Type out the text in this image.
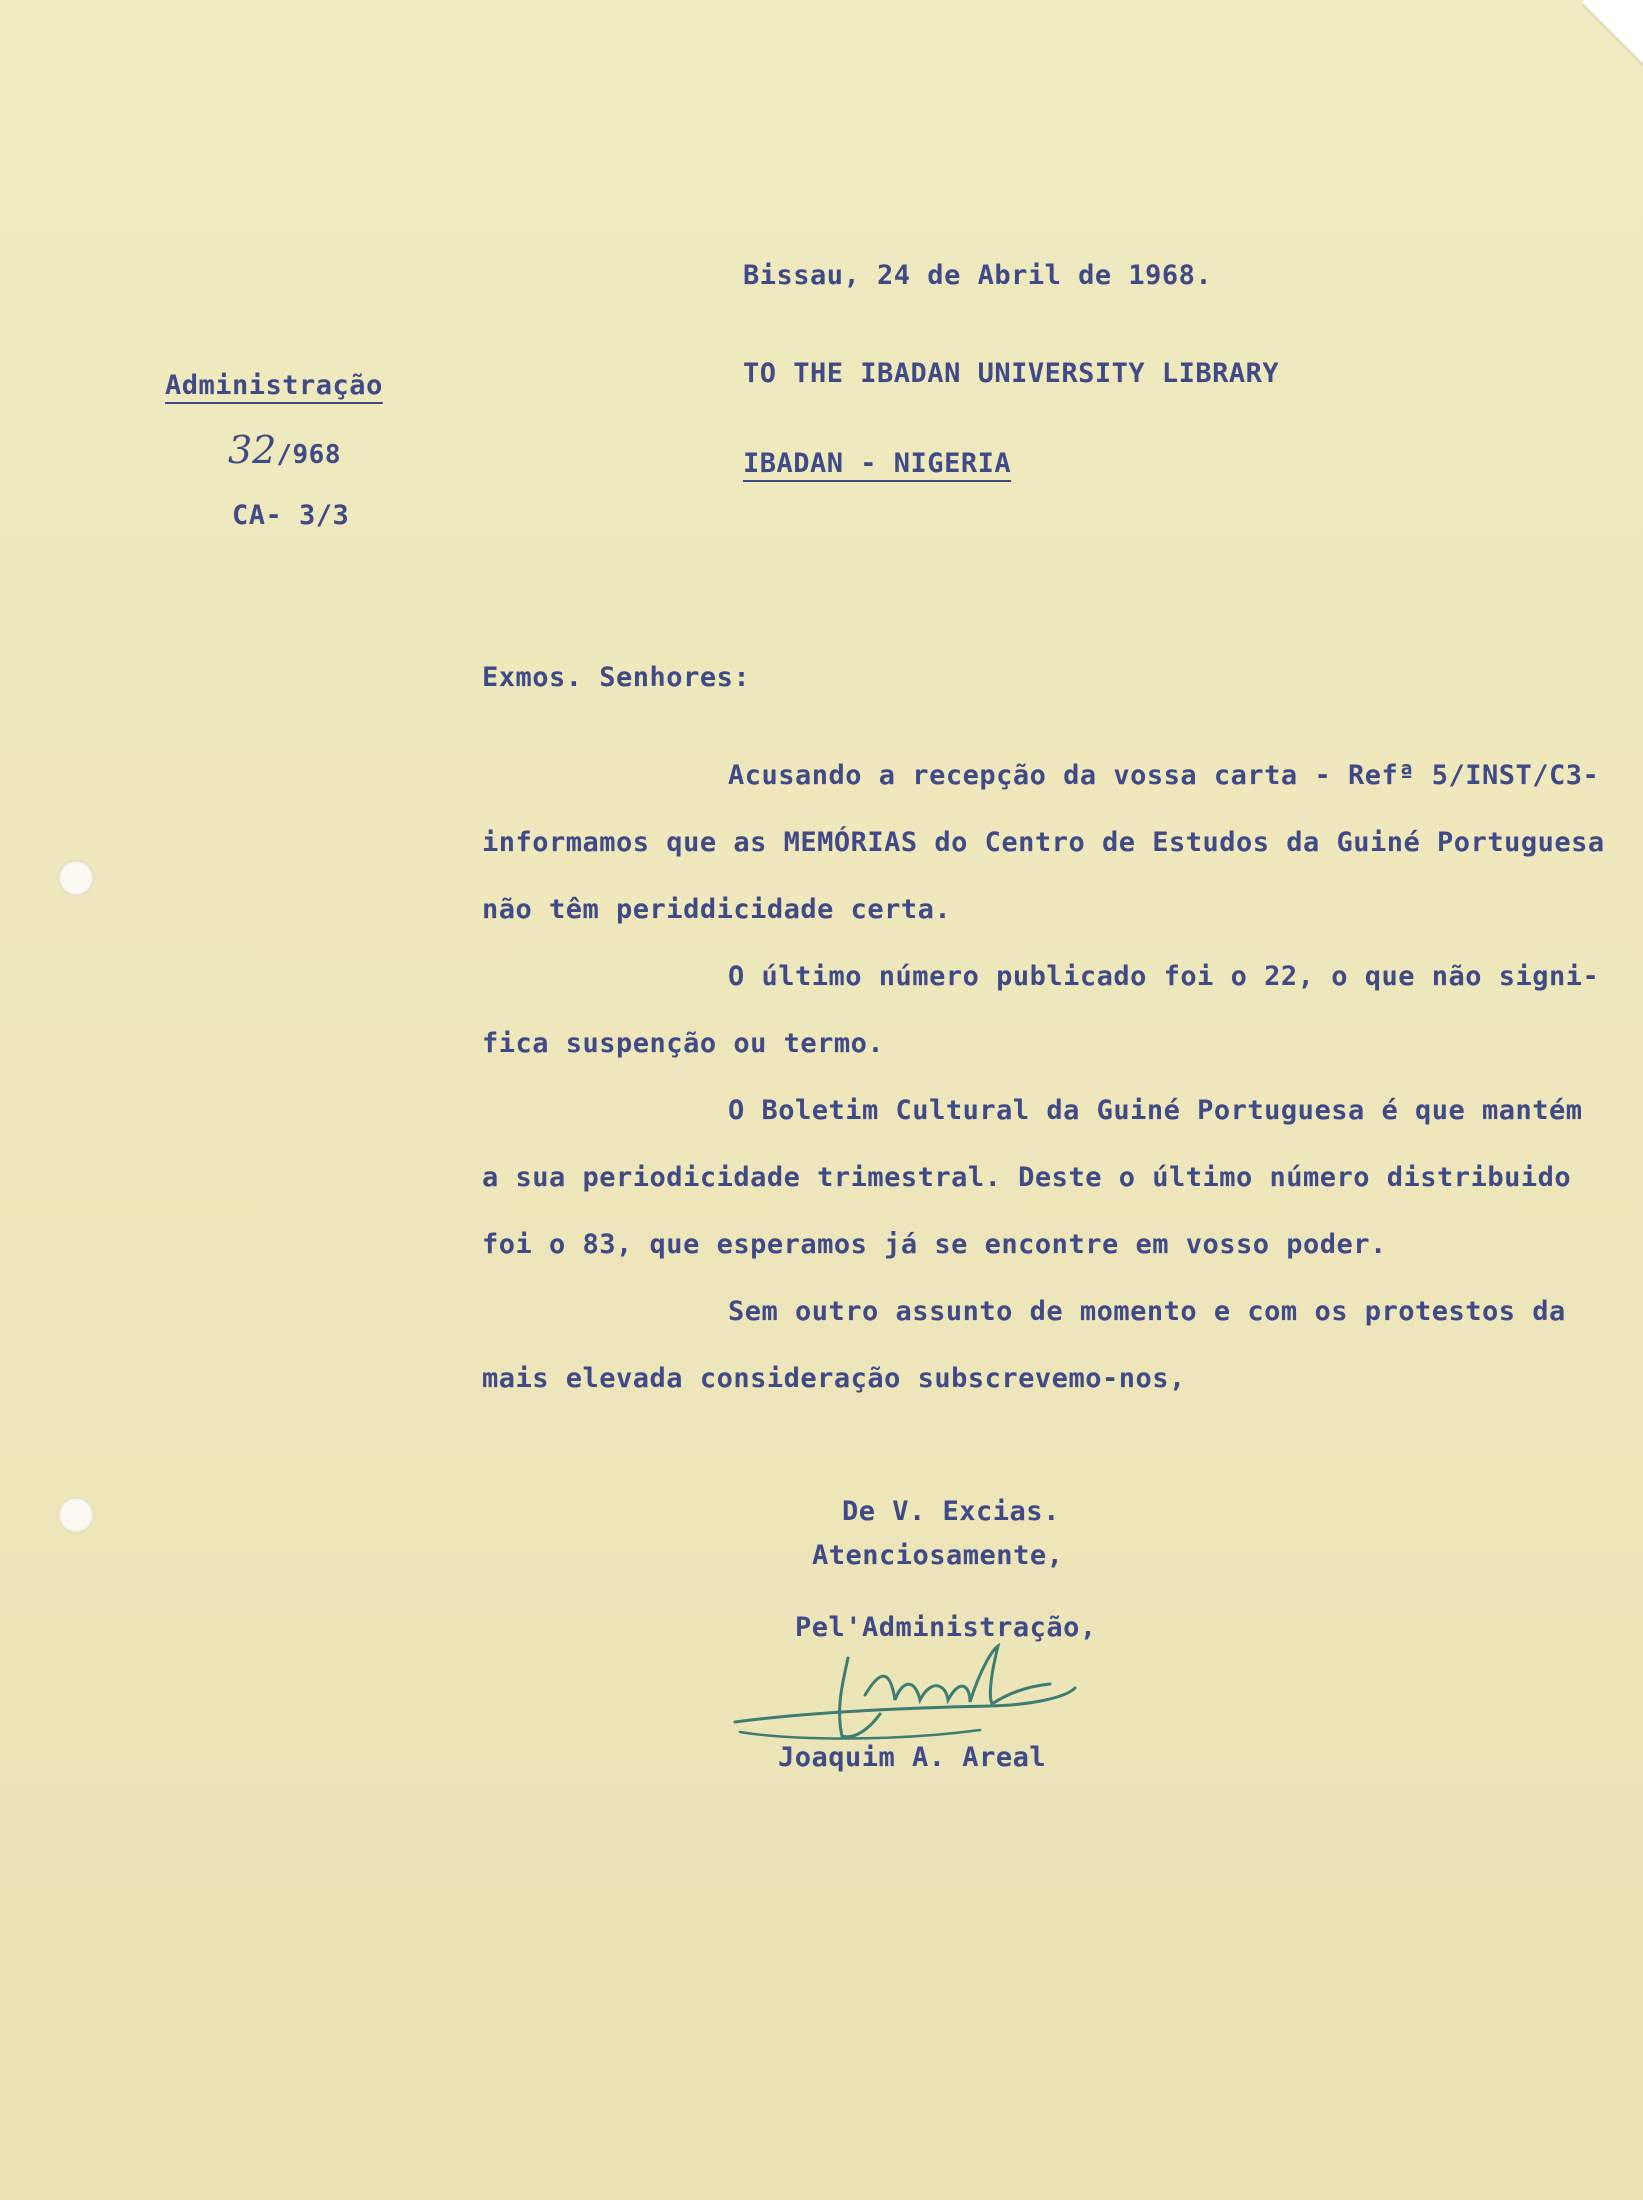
Bissau, 24 de Abril de 1968.
TO THE IBADAN UNIVERSITY LIBRARY
IBADAN - NIGERIA
Administração
32/968
CA- 3/3
Exmos. Senhores:
Acusando a recepção da vossa carta - Refª 5/INST/C3-
informamos que as MEMÓRIAS do Centro de Estudos da Guiné Portuguesa
não têm periddicidade certa.
O último número publicado foi o 22, o que não signi-
fica suspenção ou termo.
O Boletim Cultural da Guiné Portuguesa é que mantém
a sua periodicidade trimestral. Deste o último número distribuido
foi o 83, que esperamos já se encontre em vosso poder.
Sem outro assunto de momento e com os protestos da
mais elevada consideração subscrevemo-nos,
De V. Excias.
Atenciosamente,
Pel'Administração,
Joaquim A. Areal
